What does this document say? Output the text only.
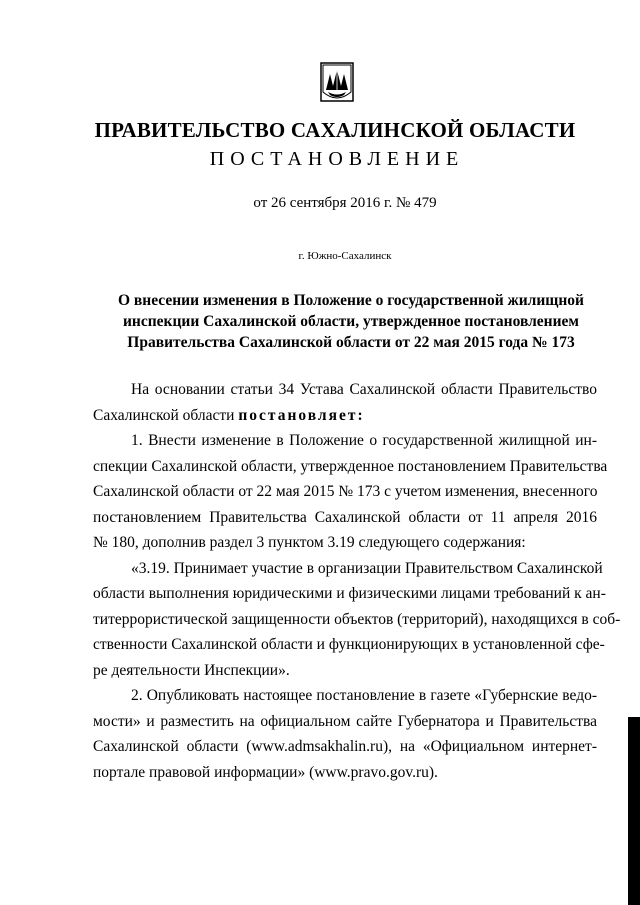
ПРАВИТЕЛЬСТВО САХАЛИНСКОЙ ОБЛАСТИ
ПОСТАНОВЛЕНИЕ
от 26 сентября 2016 г. № 479
г. Южно-Сахалинск
О внесении изменения в Положение о государственной жилищной
инспекции Сахалинской области, утвержденное постановлением
Правительства Сахалинской области от 22 мая 2015 года № 173
На основании статьи 34 Устава Сахалинской области Правительство
Сахалинской области постановляет:
1. Внести изменение в Положение о государственной жилищной ин-
спекции Сахалинской области, утвержденное постановлением Правительства
Сахалинской области от 22 мая 2015 № 173 с учетом изменения, внесенного
постановлением Правительства Сахалинской области от 11 апреля 2016
№ 180, дополнив раздел 3 пунктом 3.19 следующего содержания:
«3.19. Принимает участие в организации Правительством Сахалинской
области выполнения юридическими и физическими лицами требований к ан-
титеррористической защищенности объектов (территорий), находящихся в соб-
ственности Сахалинской области и функционирующих в установленной сфе-
ре деятельности Инспекции».
2. Опубликовать настоящее постановление в газете «Губернские ведо-
мости» и разместить на официальном сайте Губернатора и Правительства
Сахалинской области (www.admsakhalin.ru), на «Официальном интернет-
портале правовой информации» (www.pravo.gov.ru).
